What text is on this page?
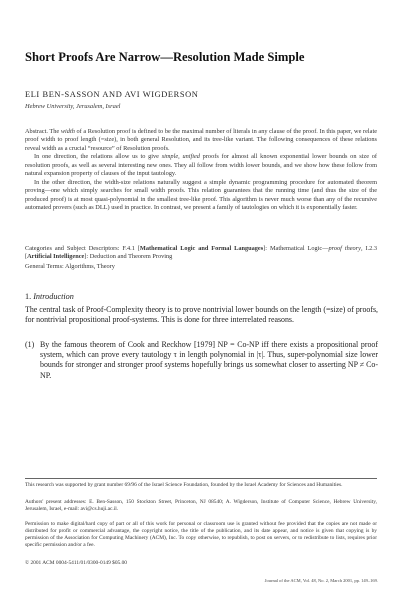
Short Proofs Are Narrow—Resolution Made Simple
ELI BEN-SASSON AND AVI WIGDERSON
Hebrew University, Jerusalem, Israel

Abstract. The width of a Resolution proof is defined to be the maximal number of literals in any clause of the proof. In this paper, we relate proof width to proof length (=size), in both general Resolution, and its tree-like variant. The following consequences of these relations reveal width as a crucial “resource” of Resolution proofs.

In one direction, the relations allow us to give simple, unified proofs for almost all known exponential lower bounds on size of resolution proofs, as well as several interesting new ones. They all follow from width lower bounds, and we show how these follow from natural expansion property of clauses of the input tautology.

In the other direction, the width-size relations naturally suggest a simple dynamic programming procedure for automated theorem proving—one which simply searches for small width proofs. This relation guarantees that the running time (and thus the size of the produced proof) is at most quasi-polynomial in the smallest tree-like proof. This algorithm is never much worse than any of the recursive automated provers (such as DLL) used in practice. In contrast, we present a family of tautologies on which it is exponentially faster.

Categories and Subject Descriptors: F.4.1 [Mathematical Logic and Formal Languages]: Mathematical Logic—proof theory, I.2.3 [Artificial Intelligence]: Deduction and Theorem Proving
General Terms: Algorithms, Theory
1. Introduction
The central task of Proof-Complexity theory is to prove nontrivial lower bounds on the length (=size) of proofs, for nontrivial propositional proof-systems. This is done for three interrelated reasons.
(1) By the famous theorem of Cook and Reckhow [1979] NP = Co-NP iff there exists a propositional proof system, which can prove every tautology τ in length polynomial in |τ|. Thus, super-polynomial size lower bounds for stronger and stronger proof systems hopefully brings us somewhat closer to asserting NP ≠ Co-NP.
This research was supported by grant number 69/96 of the Israel Science Foundation, founded by the Israel Academy for Sciences and Humanities.
Authors' present addresses: E. Ben-Sasson, 150 Stockton Street, Princeton, NJ 08540; A. Wigderson, Institute of Computer Science, Hebrew University, Jerusalem, Israel, e-mail: avi@cs.huji.ac.il.
Permission to make digital/hard copy of part or all of this work for personal or classroom use is granted without fee provided that the copies are not made or distributed for profit or commercial advantage, the copyright notice, the title of the publication, and its date appear, and notice is given that copying is by permission of the Association for Computing Machinery (ACM), Inc. To copy otherwise, to republish, to post on servers, or to redistribute to lists, requires prior specific permission and/or a fee.
© 2001 ACM 0004-5411/01/0300-0149 $05.00
Journal of the ACM, Vol. 48, No. 2, March 2001, pp. 149–169.
